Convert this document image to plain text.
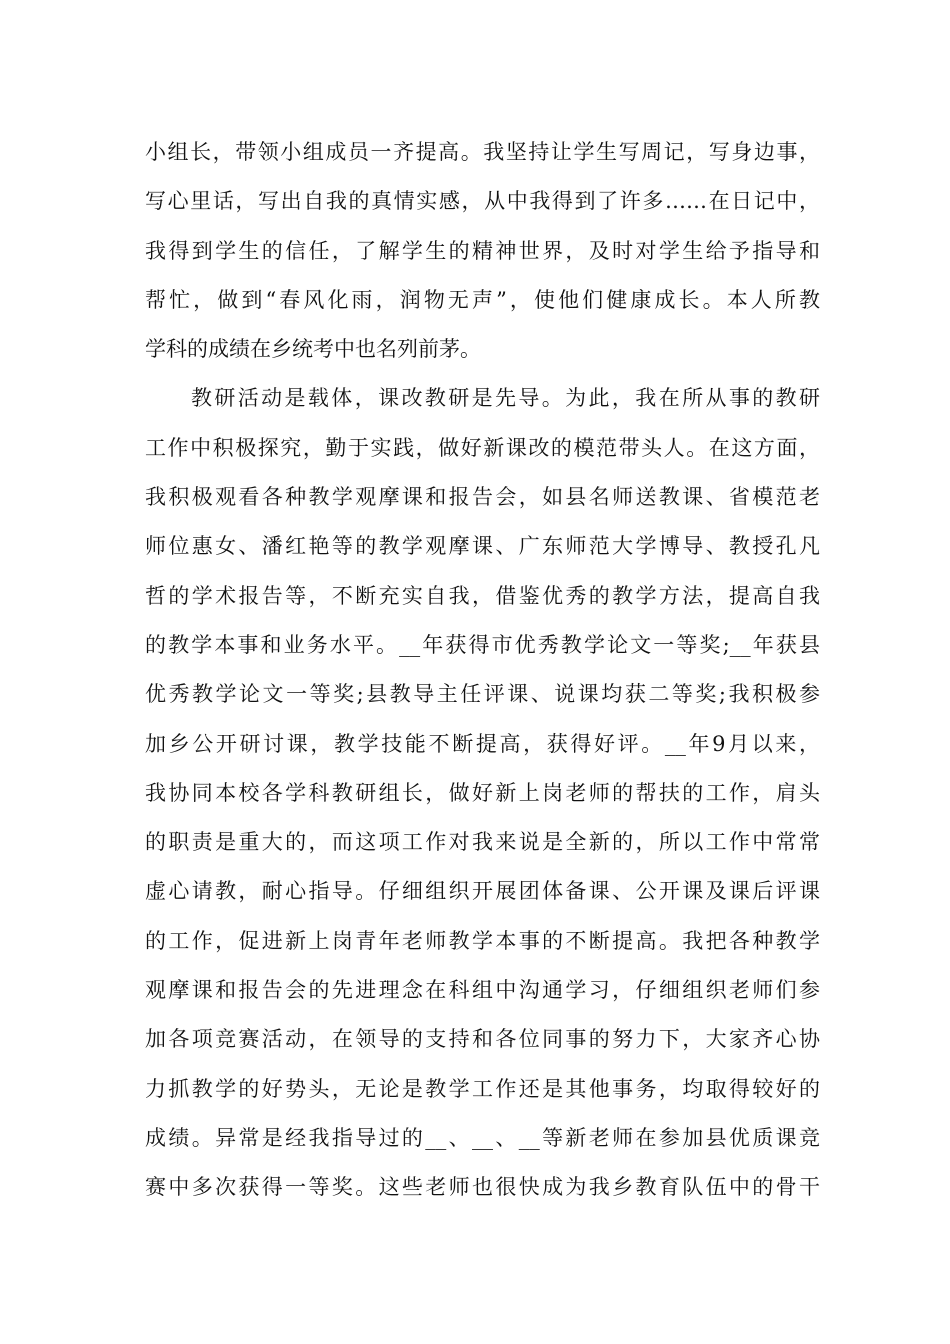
小组长，带领小组成员一齐提高。我坚持让学生写周记，写身边事，
写心里话，写出自我的真情实感，从中我得到了许多……在日记中，
我得到学生的信任，了解学生的精神世界，及时对学生给予指导和
帮忙，做到“春风化雨，润物无声”，使他们健康成长。本人所教
学科的成绩在乡统考中也名列前茅。
教研活动是载体，课改教研是先导。为此，我在所从事的教研
工作中积极探究，勤于实践，做好新课改的模范带头人。在这方面，
我积极观看各种教学观摩课和报告会，如县名师送教课、省模范老
师位惠女、潘红艳等的教学观摩课、广东师范大学博导、教授孔凡
哲的学术报告等，不断充实自我，借鉴优秀的教学方法，提高自我
的教学本事和业务水平。__年获得市优秀教学论文一等奖;__年获县
优秀教学论文一等奖;县教导主任评课、说课均获二等奖;我积极参
加乡公开研讨课，教学技能不断提高，获得好评。__年9月以来，
我协同本校各学科教研组长，做好新上岗老师的帮扶的工作，肩头
的职责是重大的，而这项工作对我来说是全新的，所以工作中常常
虚心请教，耐心指导。仔细组织开展团体备课、公开课及课后评课
的工作，促进新上岗青年老师教学本事的不断提高。我把各种教学
观摩课和报告会的先进理念在科组中沟通学习，仔细组织老师们参
加各项竞赛活动，在领导的支持和各位同事的努力下，大家齐心协
力抓教学的好势头，无论是教学工作还是其他事务，均取得较好的
成绩。异常是经我指导过的__、__、__等新老师在参加县优质课竞
赛中多次获得一等奖。这些老师也很快成为我乡教育队伍中的骨干
